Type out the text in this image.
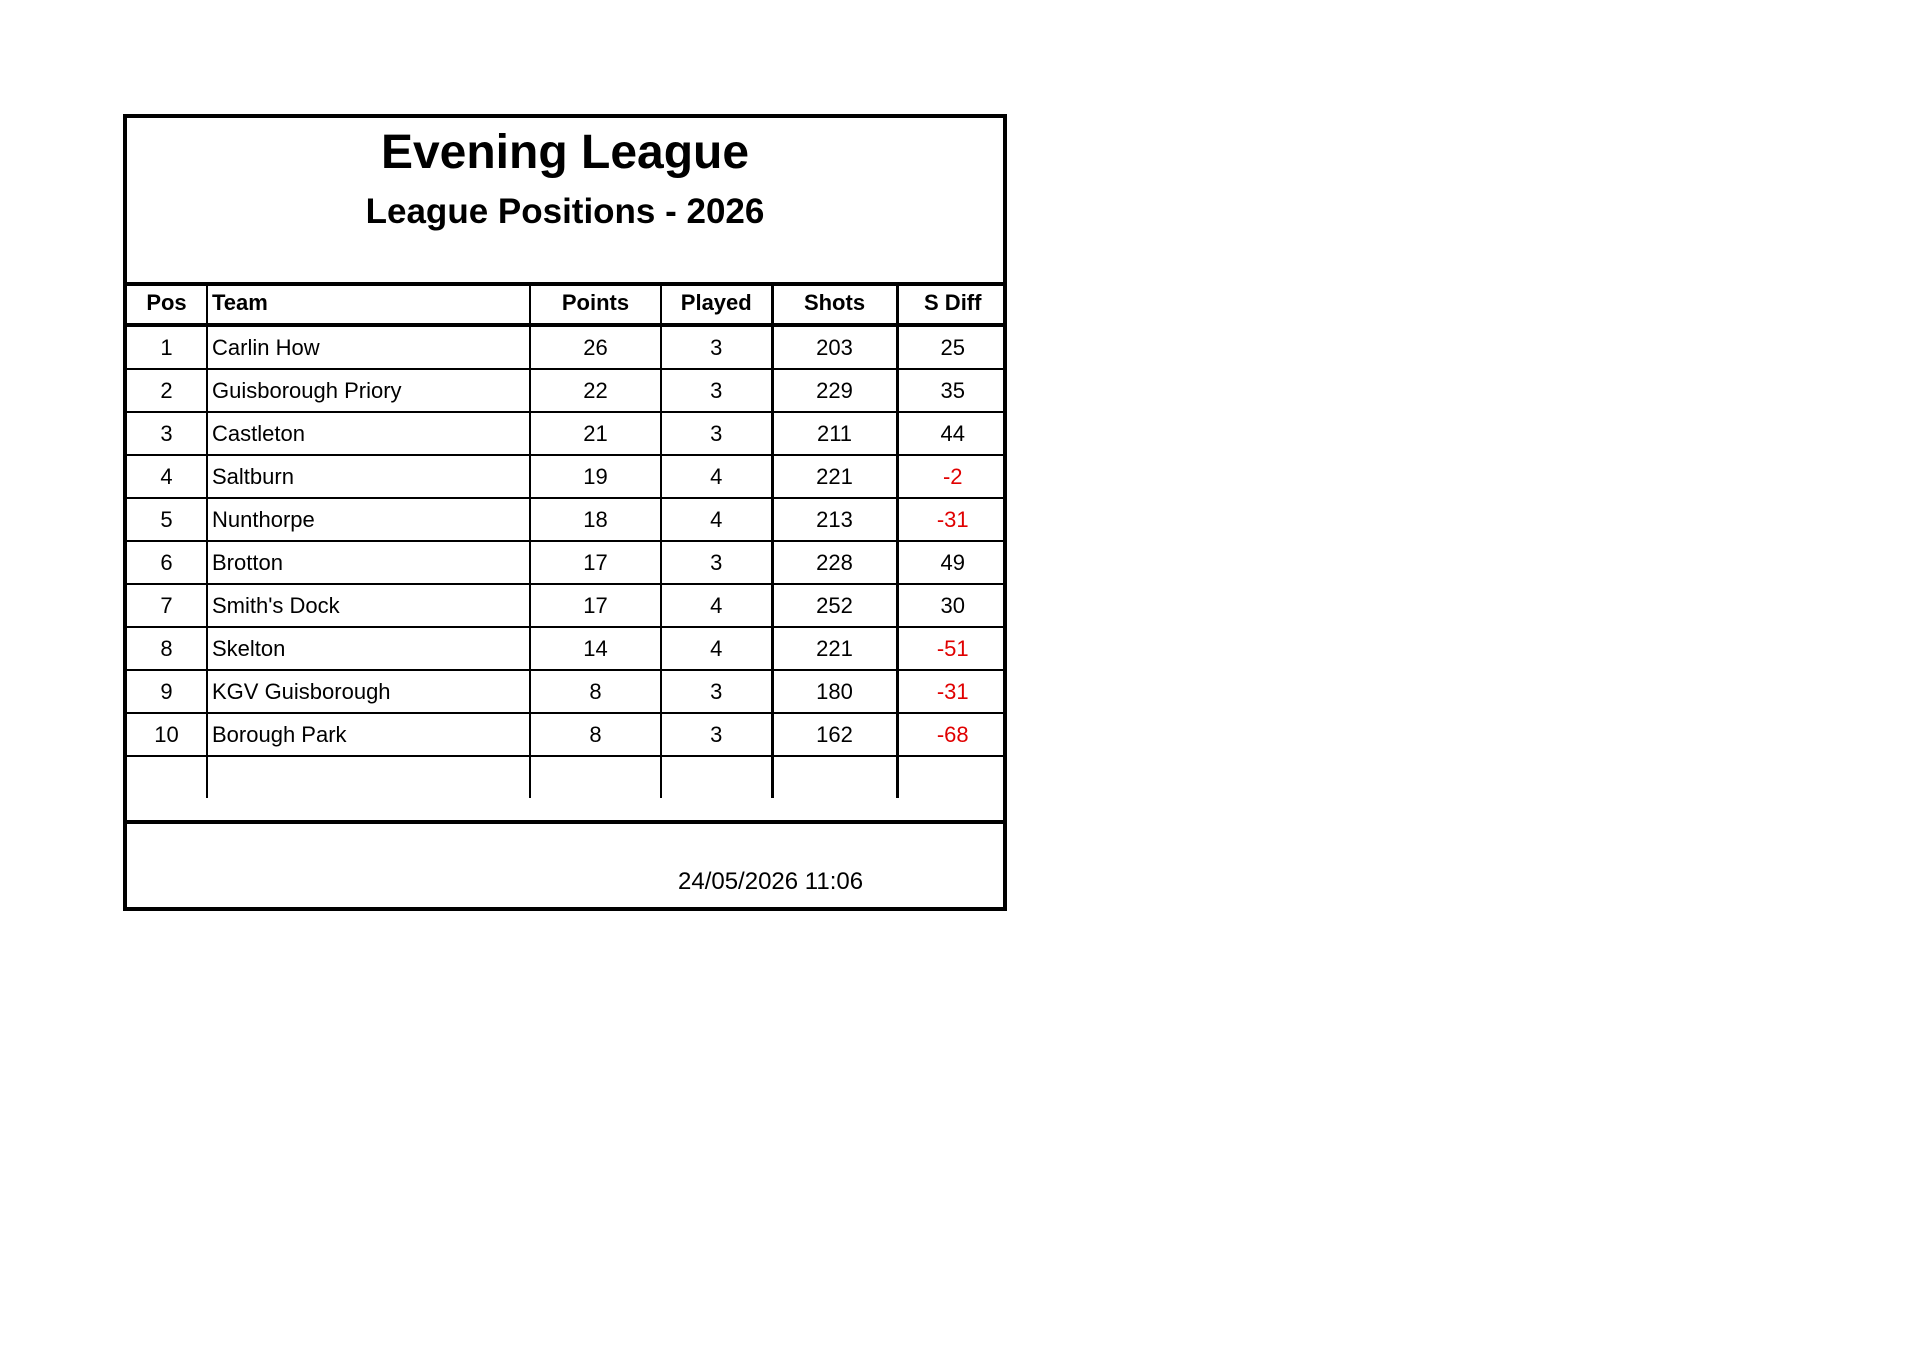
Evening League
League Positions - 2026
Pos	Team	Points	Played	Shots	S Diff
1	Carlin How	26	3	203	25
2	Guisborough Priory	22	3	229	35
3	Castleton	21	3	211	44
4	Saltburn	19	4	221	-2
5	Nunthorpe	18	4	213	-31
6	Brotton	17	3	228	49
7	Smith's Dock	17	4	252	30
8	Skelton	14	4	221	-51
9	KGV Guisborough	8	3	180	-31
10	Borough Park	8	3	162	-68

24/05/2026 11:06
